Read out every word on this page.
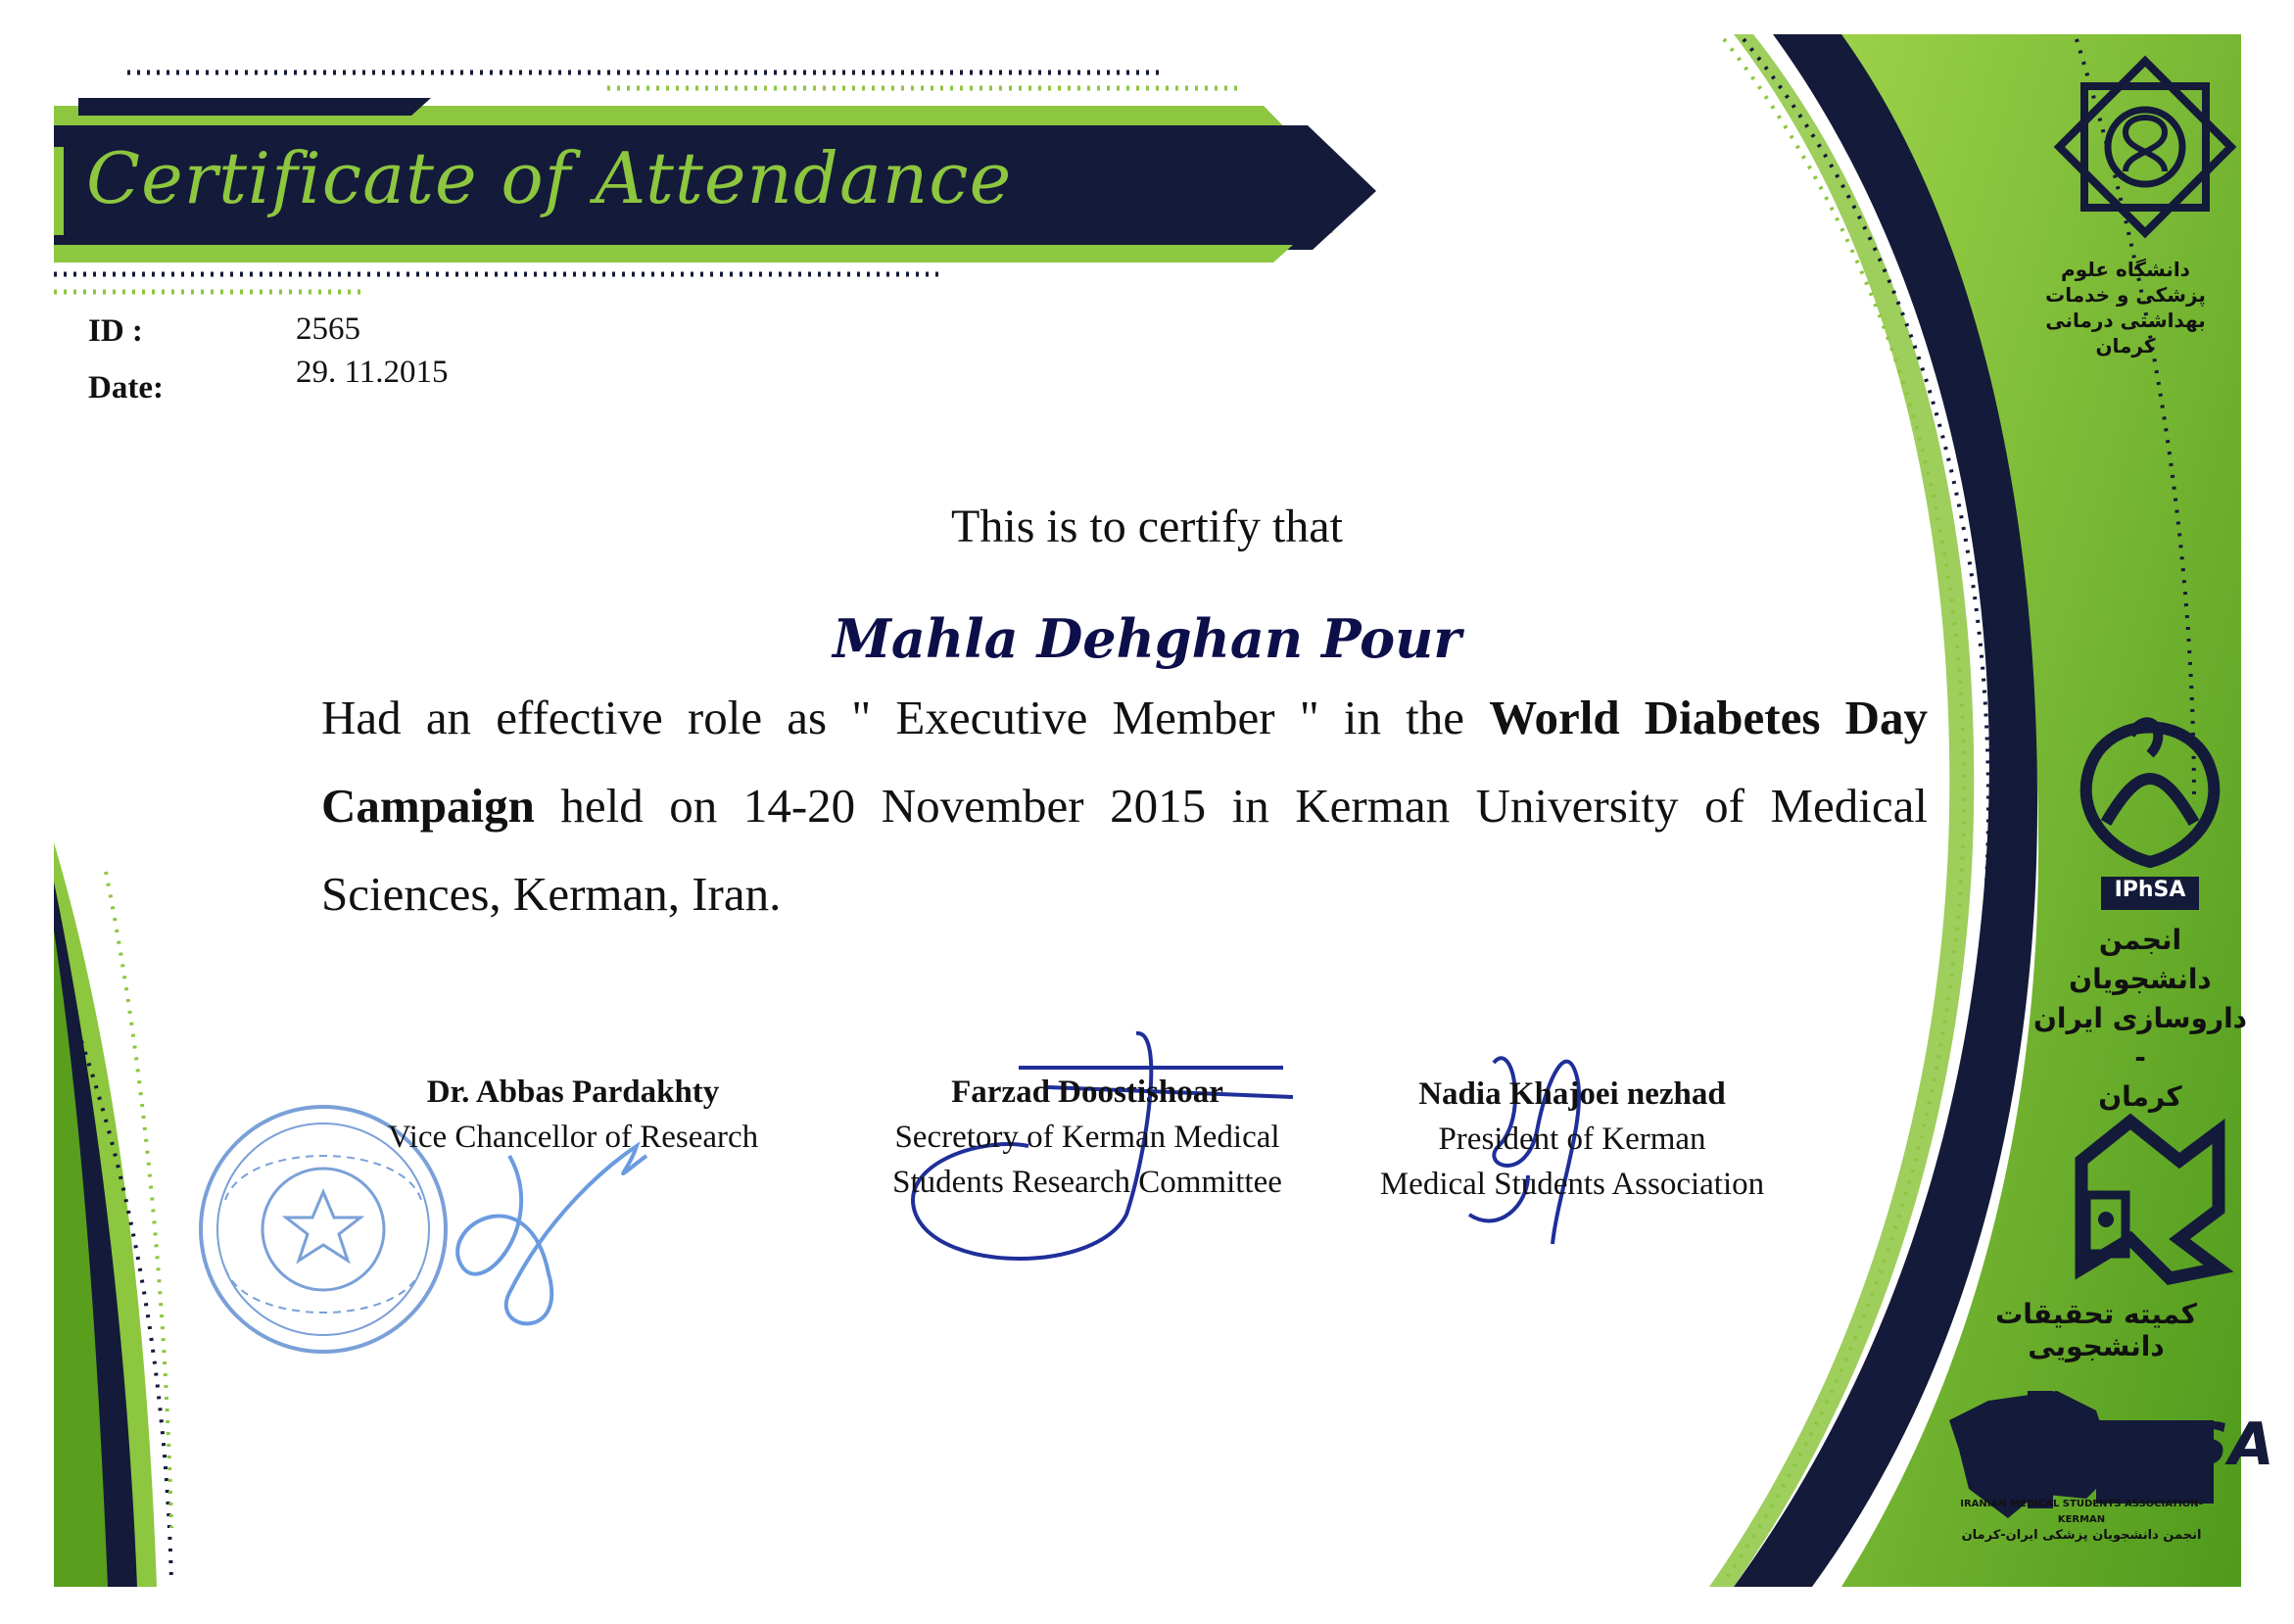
Certificate of Attendance
ID :	2565
Date:	29. 11.2015
This is to certify that
Mahla Dehghan Pour
Had an effective role as " Executive Member " in the World Diabetes Day Campaign held on 14-20 November 2015 in Kerman University of Medical Sciences, Kerman, Iran.
Dr. Abbas Pardakhty
Vice Chancellor of Research
Farzad Doostishoar
Secretory of Kerman Medical
Students Research Committee
Nadia Khajoei nezhad
President of Kerman
Medical Students Association
دانشگاه علوم پزشکی و خدمات
بهداشتی درمانی کرمان
IPhSA
انجمن دانشجویان
داروسازی ایران -
کرمان
کمیته تحقیقات دانشجویی
IMSA
IRANIAN MEDICAL STUDENTS ASSOCIATION-KERMAN
انجمن دانشجویان پزشکی ایران-کرمان
